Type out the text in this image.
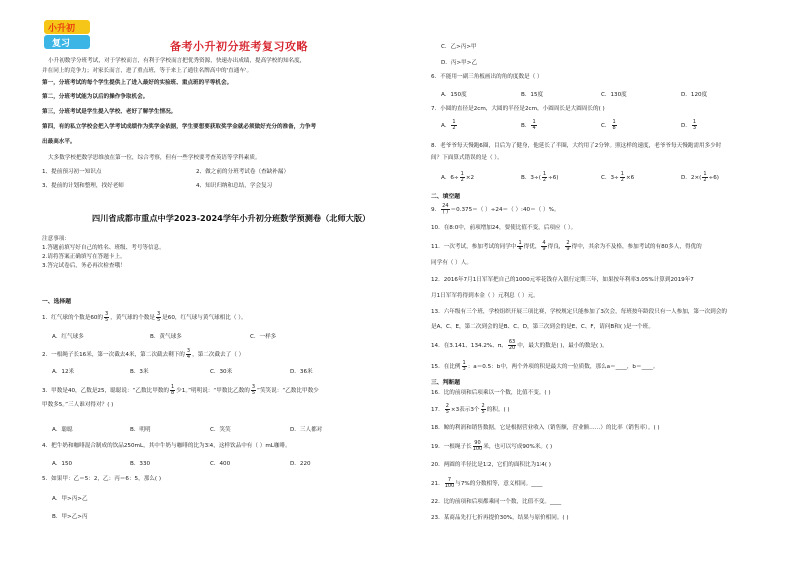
小升初
复习	备考小升初分班考复习攻略
小升初数学分班考试，对于学校而言，有利于学校而言把优秀资源，快速办出成绩，提高学校的知名度，
并在同上的竞争力；对家长而言，进了重点班，等于来上了通往名牌高中的'直通车'。
第一，分班考试的每个学生提供上了进入最好的实验班、重点班的平等机会。
第二，分班考试能为以后的操作争取机会。
第三，分班考试是学生提入学校、老好了解学生情况。
第四，有的私立学校会把入学考试成绩作为奖学金依据，学生要想要获取奖学金就必须做好充分的准备，力争考
出最高水平。
大多数学校把数学思维放在第一位，综合考察，但有一些学校要考查英语等学科素质。
1、提前预习初一知识点	2、做之前的分班考试卷（查缺补漏）
3、提前的计划和整理，找好老师	4、知识归纳和总结，学会复习
四川省成都市重点中学2023-2024学年小升初分班数学预测卷（北师大版）
注意事项：
1.答题前填写好自己的姓名、班级、考号等信息。
2.请将答案正确填写在答题卡上。
3.答完试卷后，务必再次检查哦！
一、选择题
1．红气球的个数是60的 $\frac{3}{5}$ ，黄气球的个数是 $\frac{3}{5}$ 是60，红气球与黄气球相比（ ）。
A．红气球多	B．黄气球多	C．一样多
2．一根绳子长16米，第一次截去4米，第二次截去剩下的 $\frac{3}{4}$ ，第二次截去了（ ）
A．12米	B．3米	C．30米	D．36米
3．甲数是40，乙数是25，聪聪说：“乙数比甲数的 $\frac{1}{8}$ 少1。”明明说：“甲数比乙数的 $\frac{3}{5}$ ”笑笑说：“乙数比甲数少
甲数多5。”三人谁对得对？( )
A．聪聪	B．明明	C．笑笑	D．三人都对
4．把牛奶和咖啡混合制成的饮品250mL，其中牛奶与咖啡的比为3∶4，这样饮品中有（ ）mL咖啡。
A．150	B．330	C．400	D．220
5．如果甲：乙＝5：2，乙：丙＝6：5，那么( )
A．甲>丙>乙
B．甲>乙>丙
C．乙>丙>甲
D．丙>甲>乙
6．不能用一副三角板画出的角的度数是（ ）
A．150度	B．15度	C．130度	D．120度
7．小圆的直径是2cm，大圆的半径是2cm，小圆周长是大圆周长的( )
A． $\frac{1}{2}$	B． $\frac{1}{4}$	C． $\frac{1}{8}$	D． $\frac{1}{3}$
8．老爷爷每天慢跑6圈，目后为了健身，他延长了半圈，大约用了2分钟。照这样的速度，老爷爷每天慢跑需用多少时
间？下面算式错误的是（ ）。
A．$6\div \frac{1}{2} \times 2$	B．$3\div( \frac{1}{2} \div 6)$	C．$3\div \frac{1}{2} \times 6$	D．$2\times( \frac{1}{2} \div 6)$
二、填空题
9． $\frac{24}{( )} =0.375=$（ ）÷24＝（ ）:40＝（ ）%。
10．在8:0中，前项增加24，要使比值不变，后项应（ ）。
11．一次考试，参加考试的同学中 $\frac{1}{4}$ 得优， $\frac{4}{9}$ 得良， $\frac{2}{9}$ 得中，其余为不及格，参加考试的有80多人，得优的
同学有（ ）人。
12．2016年7月1日军军把自己的1000元零花钱存入银行定期三年，如果按年利率3.05%计算到2019年7
月1日军军将得到本金（ ）元利息（ ）元。
13．六年级有三个班，学校组织开展三项比赛，学校规定只能参加了3次会，每班按年龄段只有一人参加，第一次到会的
是A、C、E，第二次到会的是B、C、D，第三次到会的是E、C、F，请问B和( )是一个班。
14．在3.141、134.2%、π、 $\frac{63}{20}$ 中，最大的数是( )，最小的数是( )。
15．在比例 $\frac{1}{3}$ ：a＝0.5：b中，两个外项的积是最大的一位质数，那么a＝____，b＝____。
三、判断题
16．比的前项和后项乘以一个数，比值不变。( )
17． $\frac{2}{5} \times 3$表示3个 $\frac{2}{5}$ 的积。( )
18．鲸的利润和销售数据，它是根据营业收入（销售额，营业额……）的比率（销售率）。( )
19．一根绳子长 $\frac{90}{100}$ 米，也可以写成90%米。( )
20．两圆的半径比是1∶2，它们的面积比为1∶4( )
21． $\frac{7}{100}$ 与7%的分数相等，意义相同。____
22．比的前项和后项都乘同一个数，比值不变。____
23．某商品先打七折再提价30%，结果与原价相同。( )
